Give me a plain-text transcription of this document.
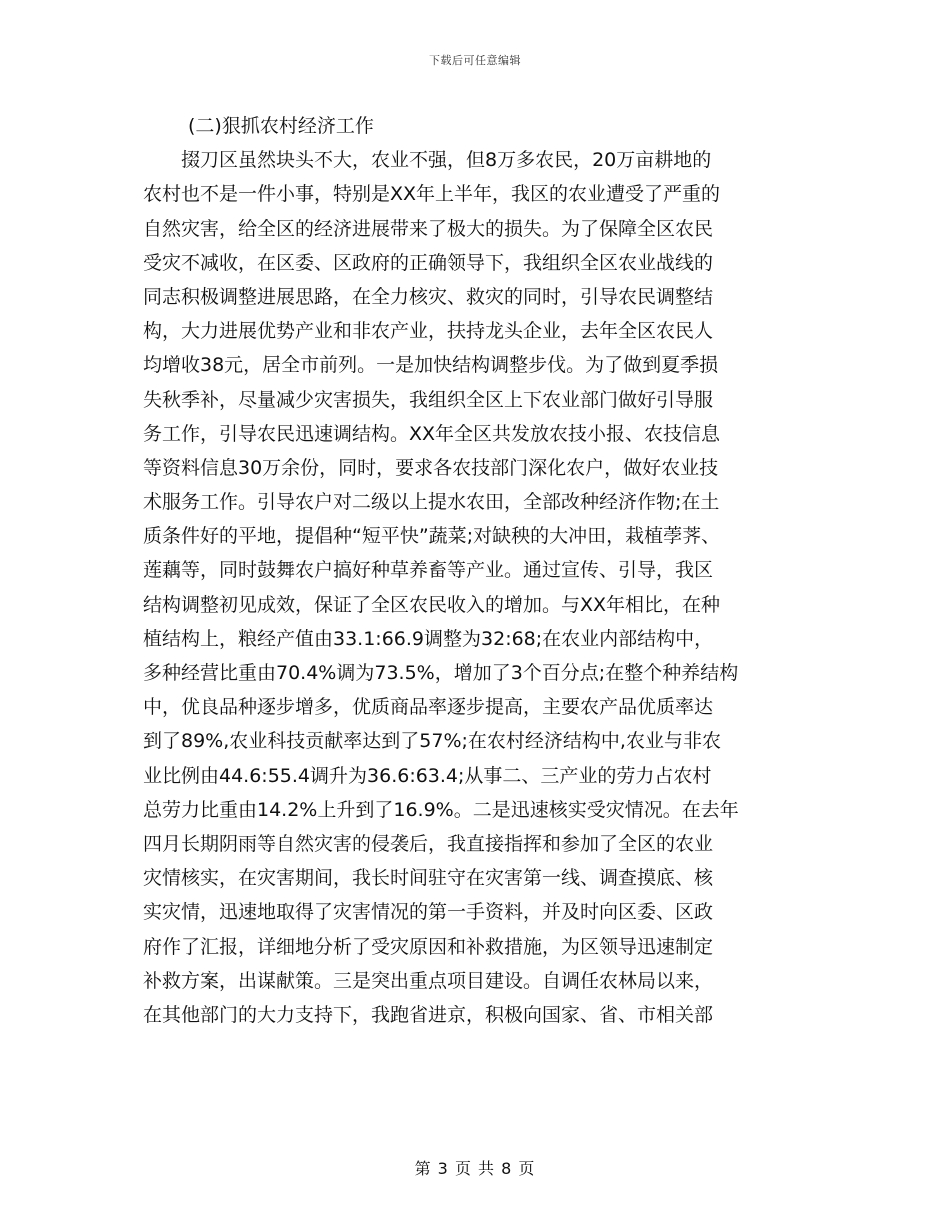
下载后可任意编辑
(二)狠抓农村经济工作
掇刀区虽然块头不大，农业不强，但8万多农民，20万亩耕地的
农村也不是一件小事，特别是XX年上半年，我区的农业遭受了严重的
自然灾害，给全区的经济进展带来了极大的损失。为了保障全区农民
受灾不减收，在区委、区政府的正确领导下，我组织全区农业战线的
同志积极调整进展思路，在全力核灾、救灾的同时，引导农民调整结
构，大力进展优势产业和非农产业，扶持龙头企业，去年全区农民人
均增收38元，居全市前列。一是加快结构调整步伐。为了做到夏季损
失秋季补，尽量减少灾害损失，我组织全区上下农业部门做好引导服
务工作，引导农民迅速调结构。XX年全区共发放农技小报、农技信息
等资料信息30万余份，同时，要求各农技部门深化农户，做好农业技
术服务工作。引导农户对二级以上提水农田，全部改种经济作物;在土
质条件好的平地，提倡种“短平快”蔬菜;对缺秧的大冲田，栽植荸荠、
莲藕等，同时鼓舞农户搞好种草养畜等产业。通过宣传、引导，我区
结构调整初见成效，保证了全区农民收入的增加。与XX年相比，在种
植结构上，粮经产值由33.1:66.9调整为32:68;在农业内部结构中，
多种经营比重由70.4%调为73.5%，增加了3个百分点;在整个种养结构
中，优良品种逐步增多，优质商品率逐步提高，主要农产品优质率达
到了89%,农业科技贡献率达到了57%;在农村经济结构中,农业与非农
业比例由44.6:55.4调升为36.6:63.4;从事二、三产业的劳力占农村
总劳力比重由14.2%上升到了16.9%。二是迅速核实受灾情况。在去年
四月长期阴雨等自然灾害的侵袭后，我直接指挥和参加了全区的农业
灾情核实，在灾害期间，我长时间驻守在灾害第一线、调查摸底、核
实灾情，迅速地取得了灾害情况的第一手资料，并及时向区委、区政
府作了汇报，详细地分析了受灾原因和补救措施，为区领导迅速制定
补救方案，出谋献策。三是突出重点项目建设。自调任农林局以来，
在其他部门的大力支持下，我跑省进京，积极向国家、省、市相关部
第 3 页 共 8 页
